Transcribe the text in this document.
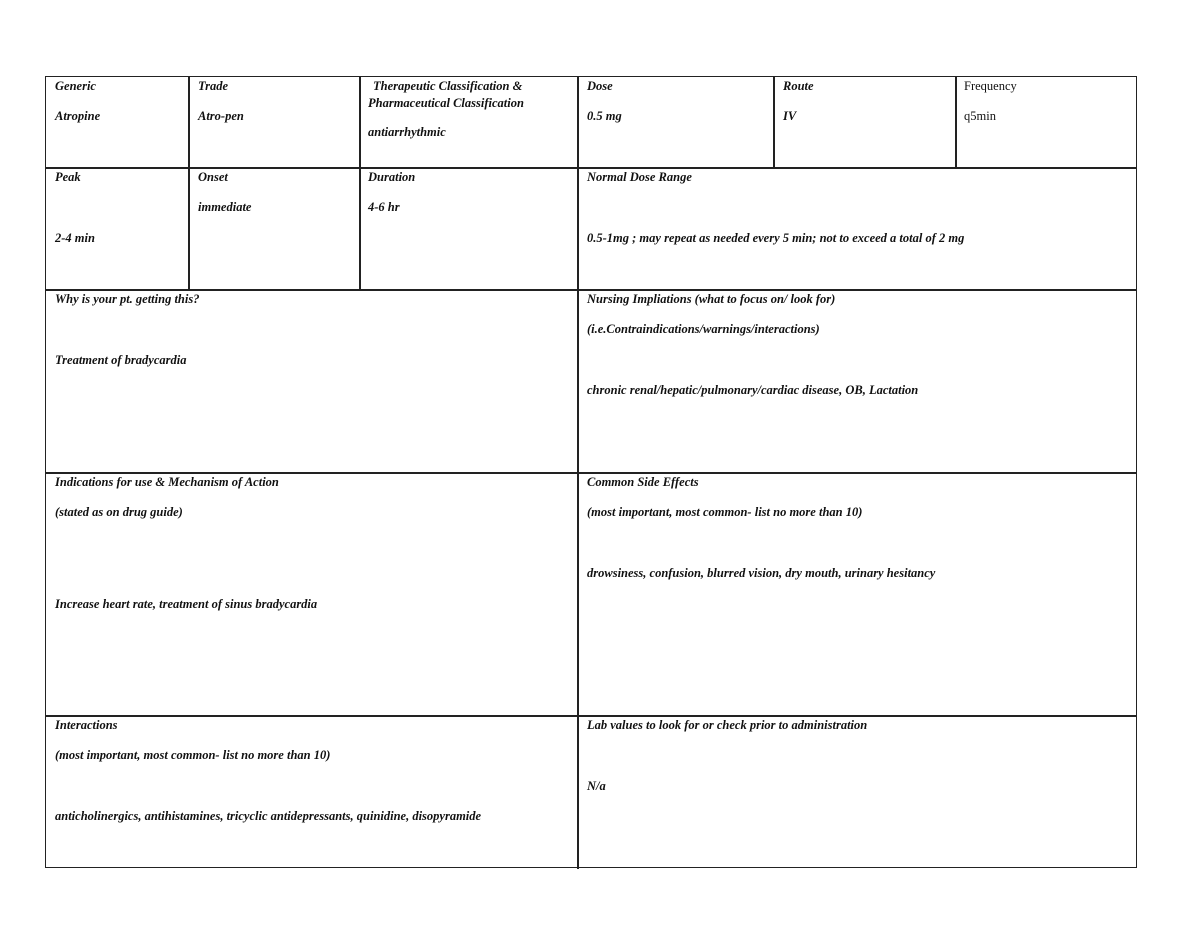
Generic
Atropine
Trade
Atro-pen
Therapeutic Classification &
Pharmaceutical Classification
antiarrhythmic
Dose
0.5 mg
Route
IV
Frequency
q5min
Peak
2-4 min
Onset
immediate
Duration
4-6 hr
Normal Dose Range
0.5-1mg ; may repeat as needed every 5 min; not to exceed a total of 2 mg
Why is your pt. getting this?
Treatment of bradycardia
Nursing Impliations (what to focus on/ look for)
(i.e.Contraindications/warnings/interactions)
chronic renal/hepatic/pulmonary/cardiac disease, OB, Lactation
Indications for use & Mechanism of Action
(stated as on drug guide)
Increase heart rate, treatment of sinus bradycardia
Common Side Effects
(most important, most common- list no more than 10)
drowsiness, confusion, blurred vision, dry mouth, urinary hesitancy
Interactions
(most important, most common- list no more than 10)
anticholinergics, antihistamines, tricyclic antidepressants, quinidine, disopyramide
Lab values to look for or check prior to administration
N/a
